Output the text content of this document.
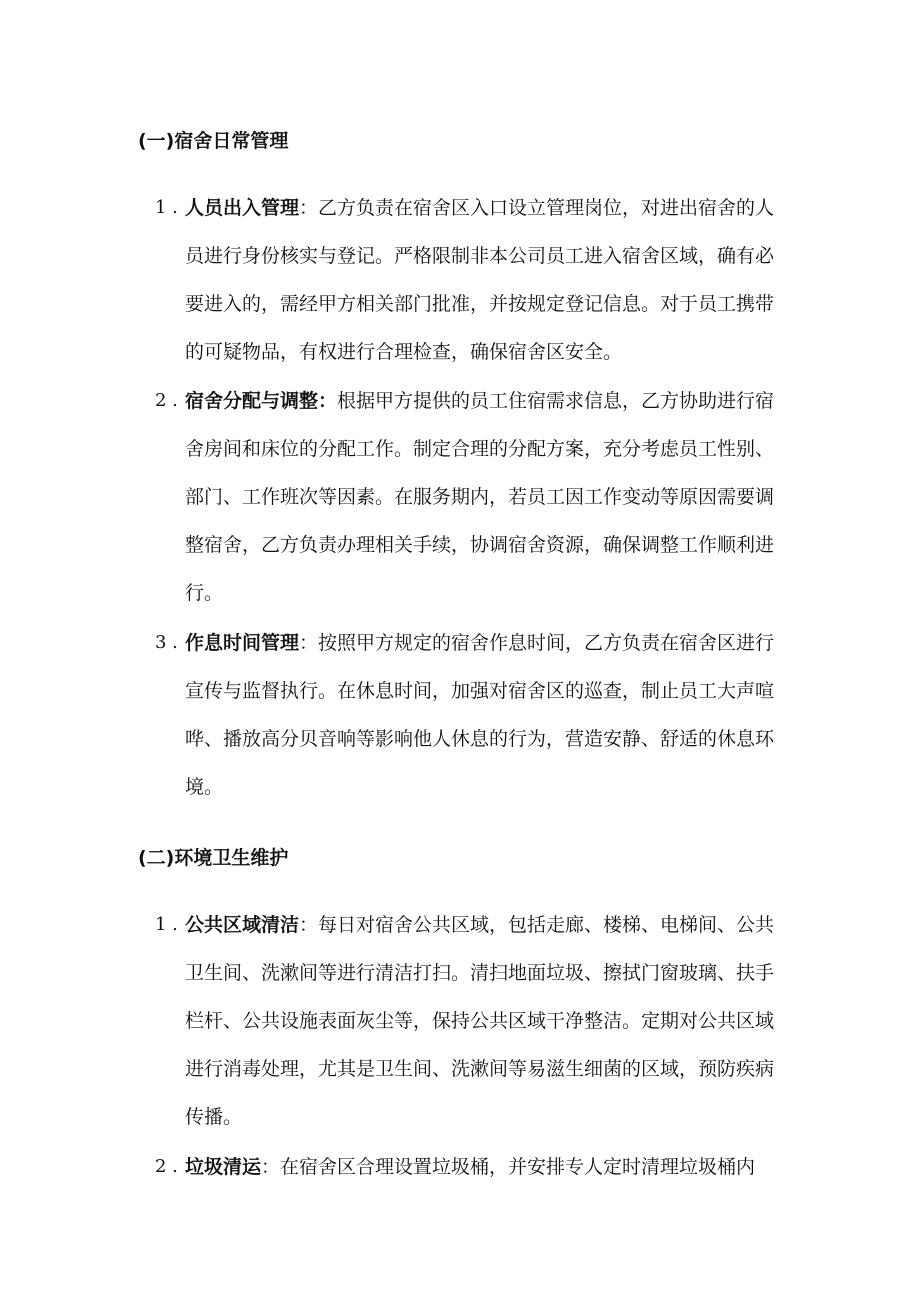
(一)宿舍日常管理
1 . 人员出入管理：乙方负责在宿舍区入口设立管理岗位，对进出宿舍的人员进行身份核实与登记。严格限制非本公司员工进入宿舍区域，确有必要进入的，需经甲方相关部门批准，并按规定登记信息。对于员工携带的可疑物品，有权进行合理检查，确保宿舍区安全。
2 . 宿舍分配与调整：根据甲方提供的员工住宿需求信息，乙方协助进行宿舍房间和床位的分配工作。制定合理的分配方案，充分考虑员工性别、部门、工作班次等因素。在服务期内，若员工因工作变动等原因需要调整宿舍，乙方负责办理相关手续，协调宿舍资源，确保调整工作顺利进行。
3 . 作息时间管理：按照甲方规定的宿舍作息时间，乙方负责在宿舍区进行宣传与监督执行。在休息时间，加强对宿舍区的巡查，制止员工大声喧哗、播放高分贝音响等影响他人休息的行为，营造安静、舒适的休息环境。
(二)环境卫生维护
1 . 公共区域清洁：每日对宿舍公共区域，包括走廊、楼梯、电梯间、公共卫生间、洗漱间等进行清洁打扫。清扫地面垃圾、擦拭门窗玻璃、扶手栏杆、公共设施表面灰尘等，保持公共区域干净整洁。定期对公共区域进行消毒处理，尤其是卫生间、洗漱间等易滋生细菌的区域，预防疾病传播。
2 . 垃圾清运：在宿舍区合理设置垃圾桶，并安排专人定时清理垃圾桶内
